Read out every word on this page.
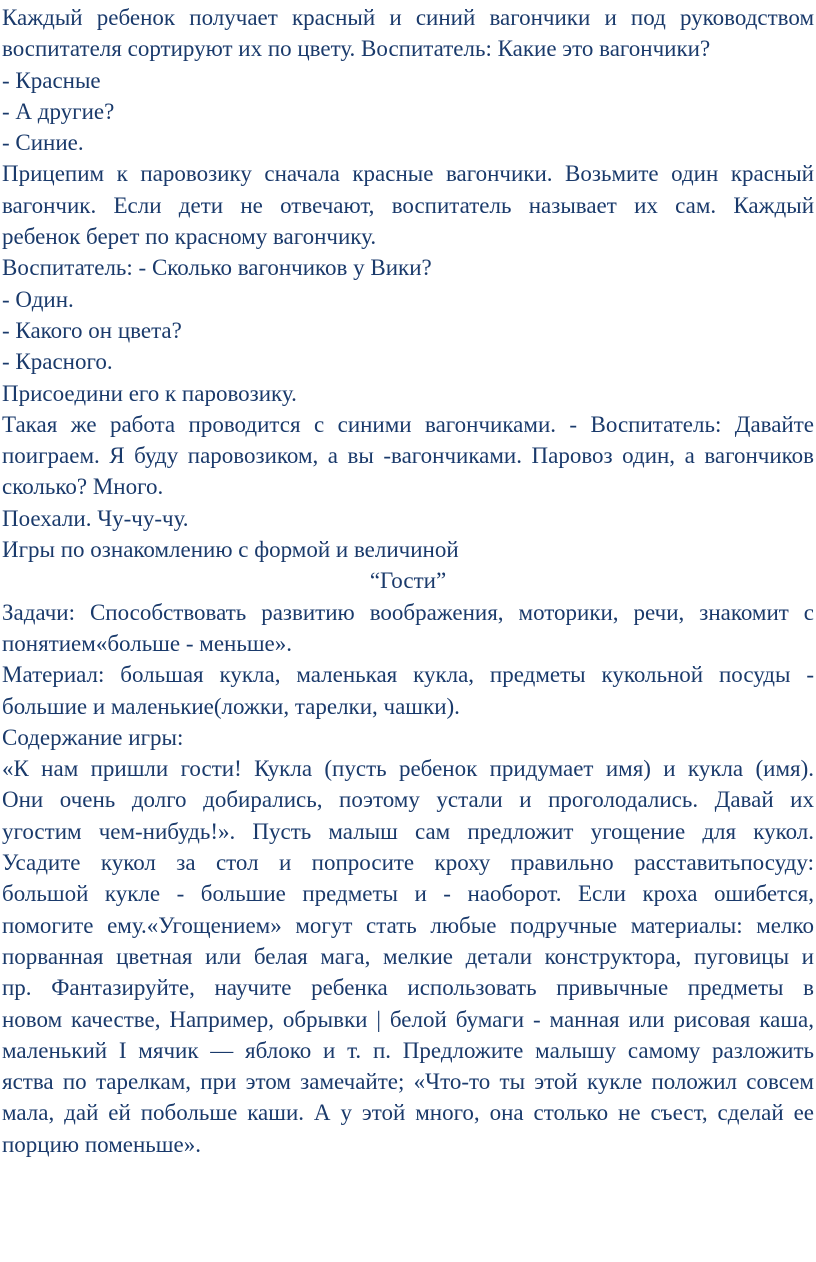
Каждый ребенок получает красный и синий вагончики и под руководством
воспитателя сортируют их по цвету. Воспитатель: Какие это вагончики?
- Красные
- А другие?
- Синие.
Прицепим к паровозику сначала красные вагончики. Возьмите один красный
вагончик. Если дети не отвечают, воспитатель называет их сам. Каждый
ребенок берет по красному вагончику.
Воспитатель: - Сколько вагончиков у Вики?
- Один.
- Какого он цвета?
- Красного.
Присоедини его к паровозику.
Такая же работа проводится с синими вагончиками. - Воспитатель: Давайте
поиграем. Я буду паровозиком, а вы -вагончиками. Паровоз один, а вагончиков
сколько? Много.
Поехали. Чу-чу-чу.
Игры по ознакомлению с формой и величиной
“Гости”
Задачи: Способствовать развитию воображения, моторики, речи, знакомит с
понятием«больше - меньше».
Материал: большая кукла, маленькая кукла, предметы кукольной посуды -
большие и маленькие(ложки, тарелки, чашки).
Содержание игры:
«К нам пришли гости! Кукла (пусть ребенок придумает имя) и кукла (имя).
Они очень долго добирались, поэтому устали и проголодались. Давай их
угостим чем-нибудь!». Пусть малыш сам предложит угощение для кукол.
Усадите кукол за стол и попросите кроху правильно расставитьпосуду:
большой кукле - большие предметы и - наоборот. Если кроха ошибется,
помогите ему.«Угощением» могут стать любые подручные материалы: мелко
порванная цветная или белая мага, мелкие детали конструктора, пуговицы и
пр. Фантазируйте, научите ребенка использовать привычные предметы в
новом качестве, Например, обрывки | белой бумаги - манная или рисовая каша,
маленький I мячик — яблоко и т. п. Предложите малышу самому разложить
яства по тарелкам, при этом замечайте; «Что-то ты этой кукле положил совсем
мала, дай ей побольше каши. А у этой много, она столько не съест, сделай ее
порцию поменьше».
